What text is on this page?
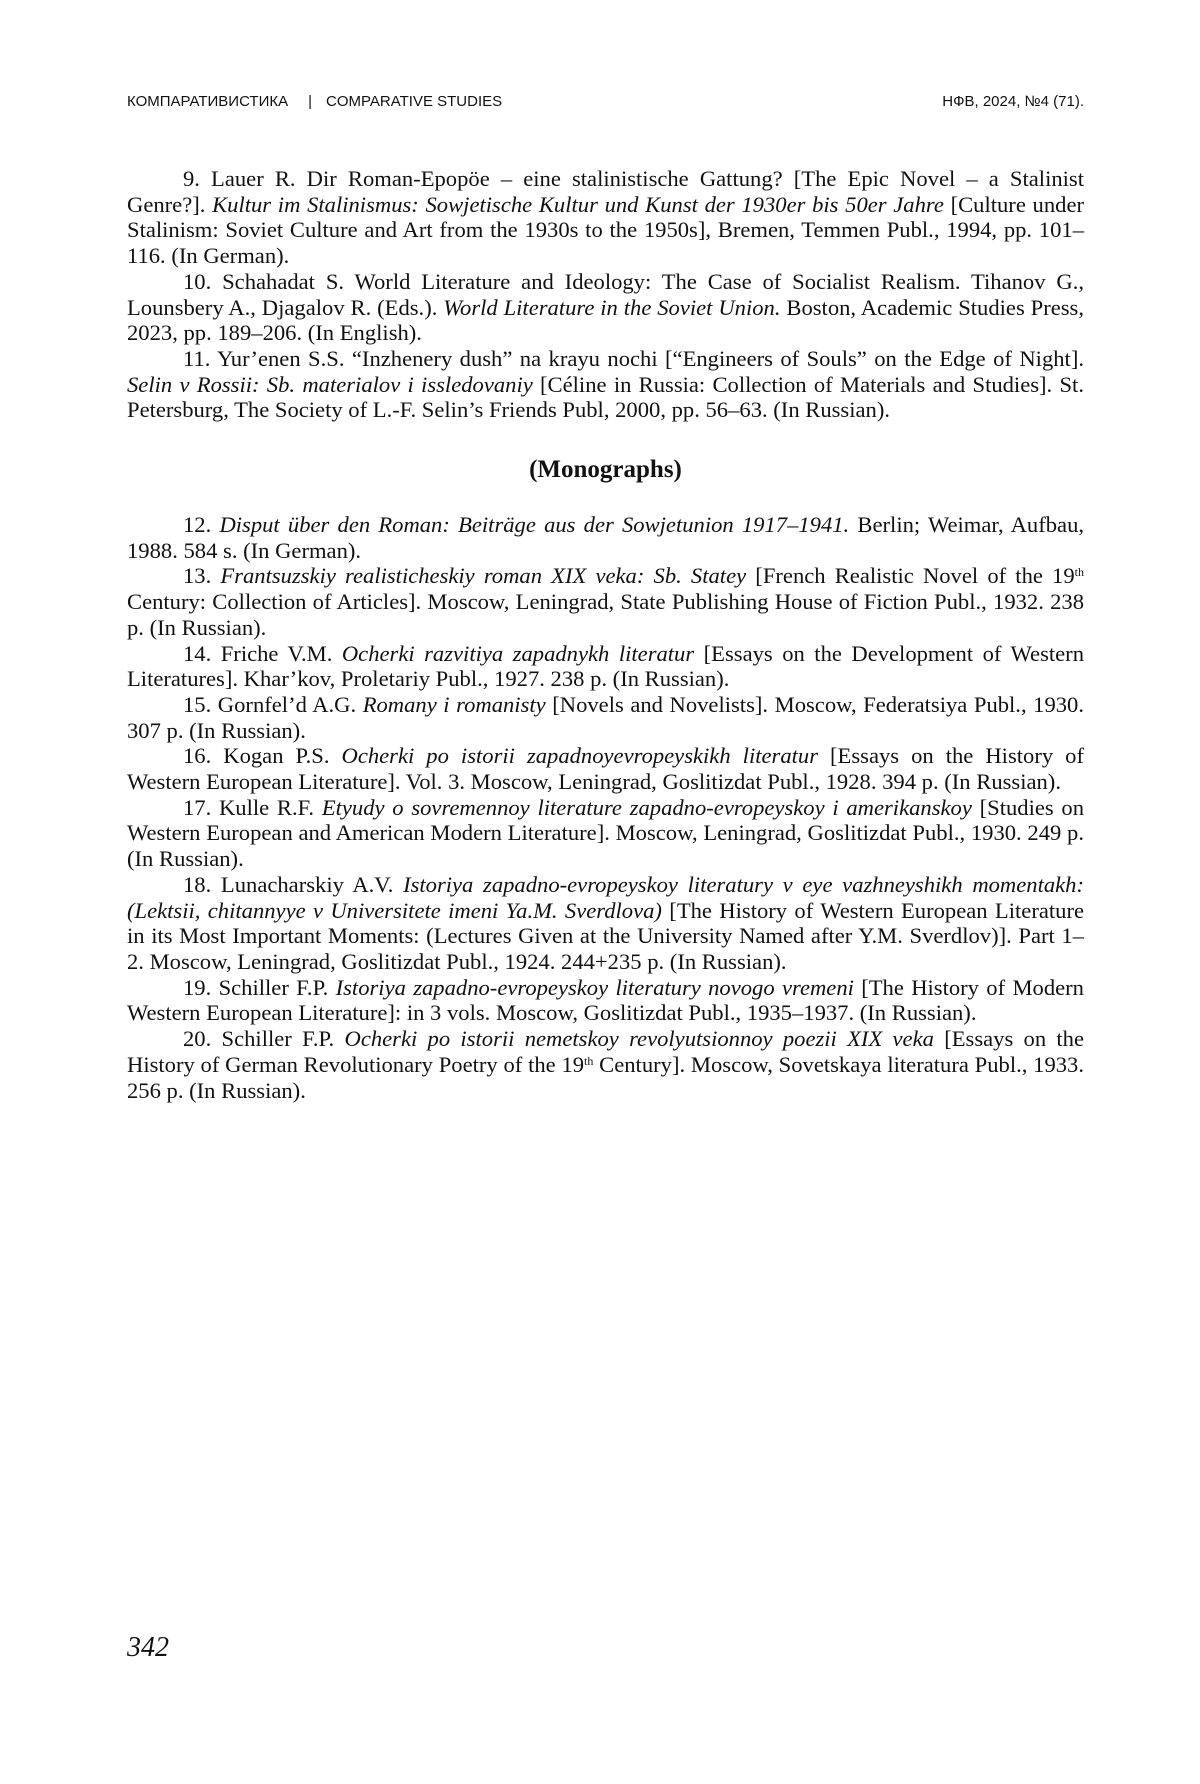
КОМПАРАТИВИСТИКА | COMPARATIVE STUDIES	НФВ, 2024, №4 (71).

9. Lauer R. Dir Roman-Epopöe – eine stalinistische Gattung? [The Epic Novel – a Stalinist Genre?]. Kultur im Stalinismus: Sowjetische Kultur und Kunst der 1930er bis 50er Jahre [Culture under Stalinism: Soviet Culture and Art from the 1930s to the 1950s], Bremen, Temmen Publ., 1994, pp. 101–116. (In German).

10. Schahadat S. World Literature and Ideology: The Case of Socialist Realism. Tihanov G., Lounsbery A., Djagalov R. (Eds.). World Literature in the Soviet Union. Boston, Academic Studies Press, 2023, pp. 189–206. (In English).

11. Yur’enen S.S. “Inzhenery dush” na krayu nochi [“Engineers of Souls” on the Edge of Night]. Selin v Rossii: Sb. materialov i issledovaniy [Céline in Russia: Collection of Materials and Studies]. St. Petersburg, The Society of L.-F. Selin’s Friends Publ, 2000, pp. 56–63. (In Russian).

(Monographs)

12. Disput über den Roman: Beiträge aus der Sowjetunion 1917–1941. Berlin; Weimar, Aufbau, 1988. 584 s. (In German).

13. Frantsuzskiy realisticheskiy roman XIX veka: Sb. Statey [French Realistic Novel of the 19th Century: Collection of Articles]. Moscow, Leningrad, State Publishing House of Fiction Publ., 1932. 238 p. (In Russian).

14. Friche V.M. Ocherki razvitiya zapadnykh literatur [Essays on the Development of Western Literatures]. Khar’kov, Proletariy Publ., 1927. 238 p. (In Russian).

15. Gornfel’d A.G. Romany i romanisty [Novels and Novelists]. Moscow, Federatsiya Publ., 1930. 307 p. (In Russian).

16. Kogan P.S. Ocherki po istorii zapadnoyevropeyskikh literatur [Essays on the History of Western European Literature]. Vol. 3. Moscow, Leningrad, Goslitizdat Publ., 1928. 394 p. (In Russian).

17. Kulle R.F. Etyudy o sovremennoy literature zapadno-evropeyskoy i amerikanskoy [Studies on Western European and American Modern Literature]. Moscow, Leningrad, Goslitizdat Publ., 1930. 249 p. (In Russian).

18. Lunacharskiy A.V. Istoriya zapadno-evropeyskoy literatury v eye vazhneyshikh momentakh: (Lektsii, chitannyye v Universitete imeni Ya.M. Sverdlova) [The History of Western European Literature in its Most Important Moments: (Lectures Given at the University Named after Y.M. Sverdlov)]. Part 1–2. Moscow, Leningrad, Goslitizdat Publ., 1924. 244+235 p. (In Russian).

19. Schiller F.P. Istoriya zapadno-evropeyskoy literatury novogo vremeni [The History of Modern Western European Literature]: in 3 vols. Moscow, Goslitizdat Publ., 1935–1937. (In Russian).

20. Schiller F.P. Ocherki po istorii nemetskoy revolyutsionnoy poezii XIX veka [Essays on the History of German Revolutionary Poetry of the 19th Century]. Moscow, Sovetskaya literatura Publ., 1933. 256 p. (In Russian).

342
